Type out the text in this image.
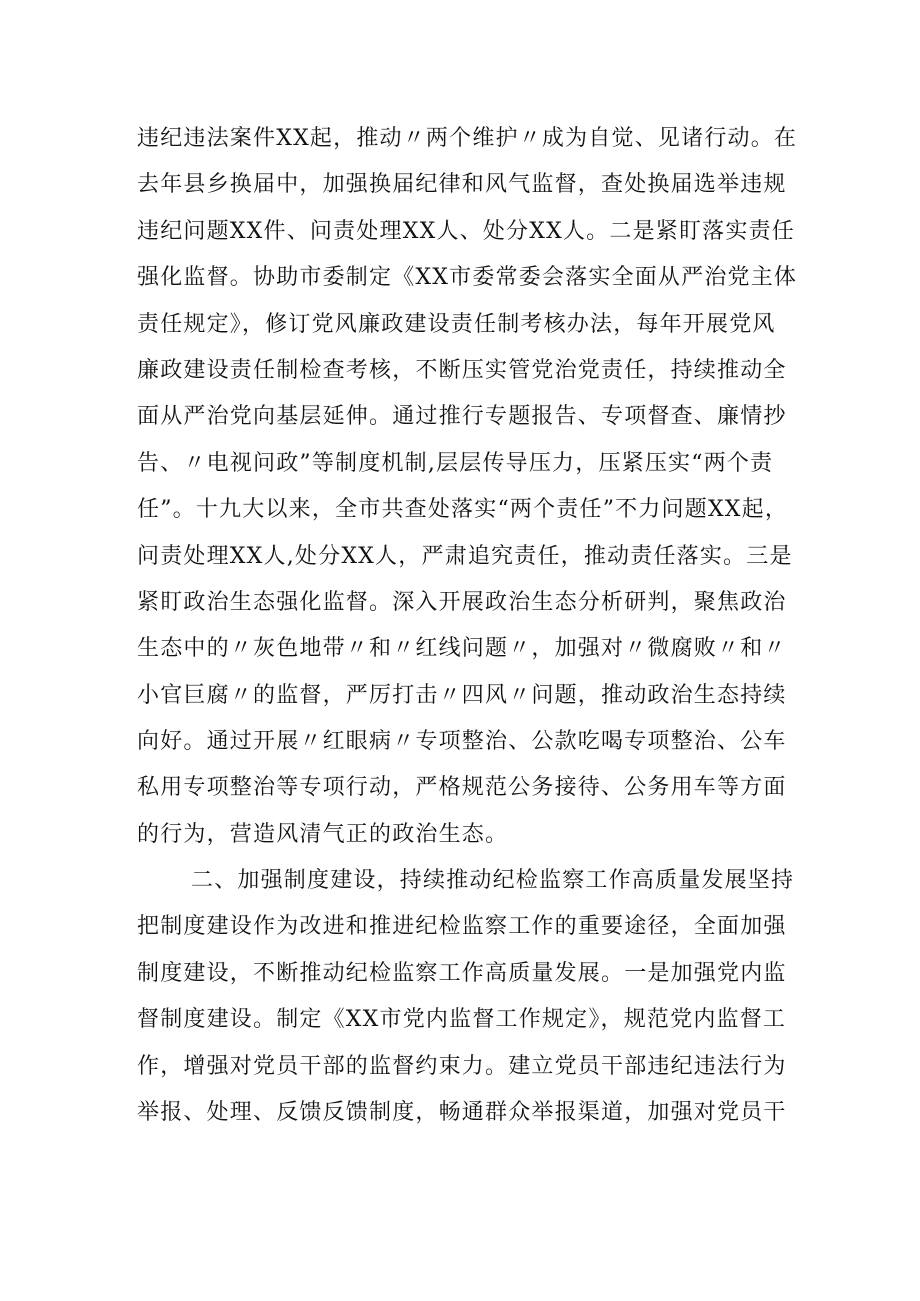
违纪违法案件XX起，推动〃两个维护〃成为自觉、见诸行动。在
去年县乡换届中，加强换届纪律和风气监督，查处换届选举违规
违纪问题XX件、问责处理XX人、处分XX人。二是紧盯落实责任
强化监督。协助市委制定《XX市委常委会落实全面从严治党主体
责任规定》，修订党风廉政建设责任制考核办法，每年开展党风
廉政建设责任制检查考核，不断压实管党治党责任，持续推动全
面从严治党向基层延伸。通过推行专题报告、专项督查、廉情抄
告、〃电视问政”等制度机制,层层传导压力，压紧压实“两个责
任”。十九大以来，全市共查处落实“两个责任”不力问题XX起，
问责处理XX人,处分XX人，严肃追究责任，推动责任落实。三是
紧盯政治生态强化监督。深入开展政治生态分析研判，聚焦政治
生态中的〃灰色地带〃和〃红线问题〃，加强对〃微腐败〃和〃
小官巨腐〃的监督，严厉打击〃四风〃问题，推动政治生态持续
向好。通过开展〃红眼病〃专项整治、公款吃喝专项整治、公车
私用专项整治等专项行动，严格规范公务接待、公务用车等方面
的行为，营造风清气正的政治生态。
二、加强制度建设，持续推动纪检监察工作高质量发展坚持
把制度建设作为改进和推进纪检监察工作的重要途径，全面加强
制度建设，不断推动纪检监察工作高质量发展。一是加强党内监
督制度建设。制定《XX市党内监督工作规定》，规范党内监督工
作，增强对党员干部的监督约束力。建立党员干部违纪违法行为
举报、处理、反馈反馈制度，畅通群众举报渠道，加强对党员干
